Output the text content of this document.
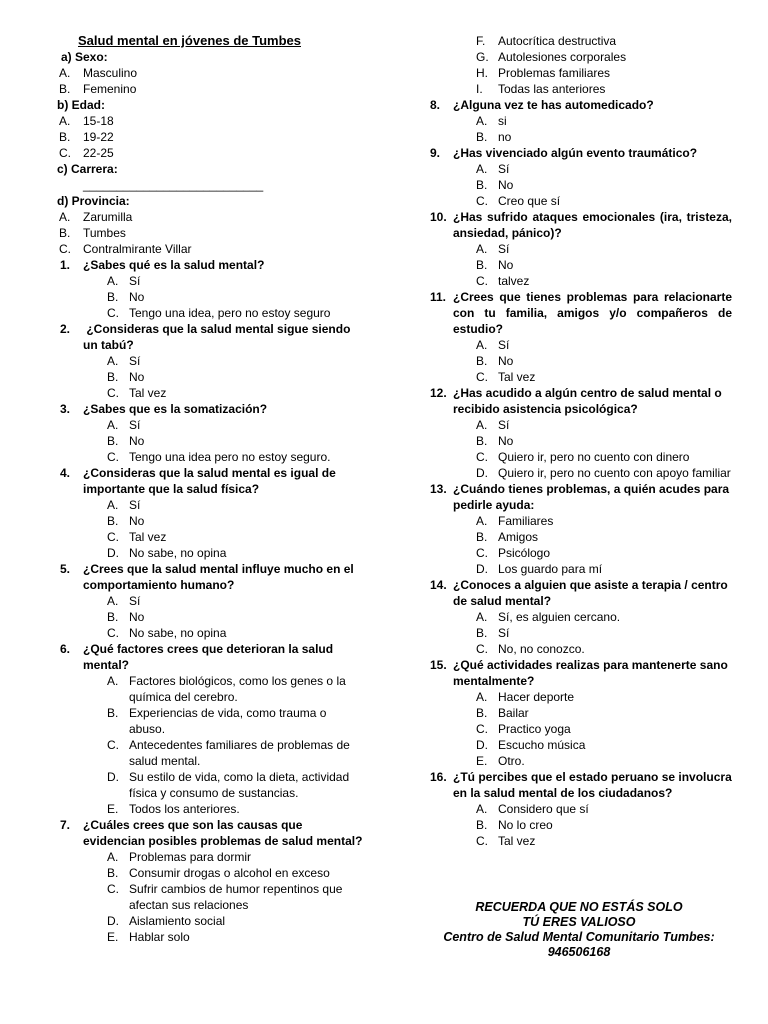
Salud mental en jóvenes de Tumbes
a) Sexo:
A.	Masculino
B.	Femenino
b) Edad:
A.	15-18
B.	19-22
C.	22-25
c) Carrera:
___________________________
d) Provincia:
A.	Zarumilla
B.	Tumbes
C.	Contralmirante Villar
1.	¿Sabes qué es la salud mental?
A. Sí
B. No
C. Tengo una idea, pero no estoy seguro
2.	¿Consideras que la salud mental sigue siendo un tabú?
A. Sí
B. No
C. Tal vez
3.	¿Sabes que es la somatización?
A. Sí
B. No
C. Tengo una idea pero no estoy seguro.
4.	¿Consideras que la salud mental es igual de importante que la salud física?
A. Sí
B. No
C. Tal vez
D. No sabe, no opina
5.	¿Crees que la salud mental influye mucho en el comportamiento humano?
A. Sí
B. No
C. No sabe, no opina
6.	¿Qué factores crees que deterioran la salud mental?
A. Factores biológicos, como los genes o la química del cerebro.
B. Experiencias de vida, como trauma o abuso.
C. Antecedentes familiares de problemas de salud mental.
D. Su estilo de vida, como la dieta, actividad física y consumo de sustancias.
E. Todos los anteriores.
7.	¿Cuáles crees que son las causas que evidencian posibles problemas de salud mental?
A. Problemas para dormir
B. Consumir drogas o alcohol en exceso
C. Sufrir cambios de humor repentinos que afectan sus relaciones
D. Aislamiento social
E. Hablar solo
F.	Autocrítica destructiva
G. Autolesiones corporales
H. Problemas familiares
I.	Todas las anteriores
8.	¿Alguna vez te has automedicado?
A. si
B. no
9.	¿Has vivenciado algún evento traumático?
A. Sí
B. No
C. Creo que sí
10. ¿Has sufrido ataques emocionales (ira, tristeza, ansiedad, pánico)?
A. Sí
B. No
C. talvez
11. ¿Crees que tienes problemas para relacionarte con tu familia, amigos y/o compañeros de estudio?
A. Sí
B. No
C. Tal vez
12. ¿Has acudido a algún centro de salud mental o recibido asistencia psicológica?
A. Sí
B. No
C. Quiero ir, pero no cuento con dinero
D. Quiero ir, pero no cuento con apoyo familiar
13. ¿Cuándo tienes problemas, a quién acudes para pedirle ayuda:
A. Familiares
B. Amigos
C. Psicólogo
D. Los guardo para mí
14. ¿Conoces a alguien que asiste a terapia / centro de salud mental?
A. Sí, es alguien cercano.
B. Sí
C. No, no conozco.
15. ¿Qué actividades realizas para mantenerte sano mentalmente?
A. Hacer deporte
B. Bailar
C. Practico yoga
D. Escucho música
E. Otro.
16. ¿Tú percibes que el estado peruano se involucra en la salud mental de los ciudadanos?
A. Considero que sí
B. No lo creo
C. Tal vez
RECUERDA QUE NO ESTÁS SOLO
TÚ ERES VALIOSO
Centro de Salud Mental Comunitario Tumbes:
946506168
